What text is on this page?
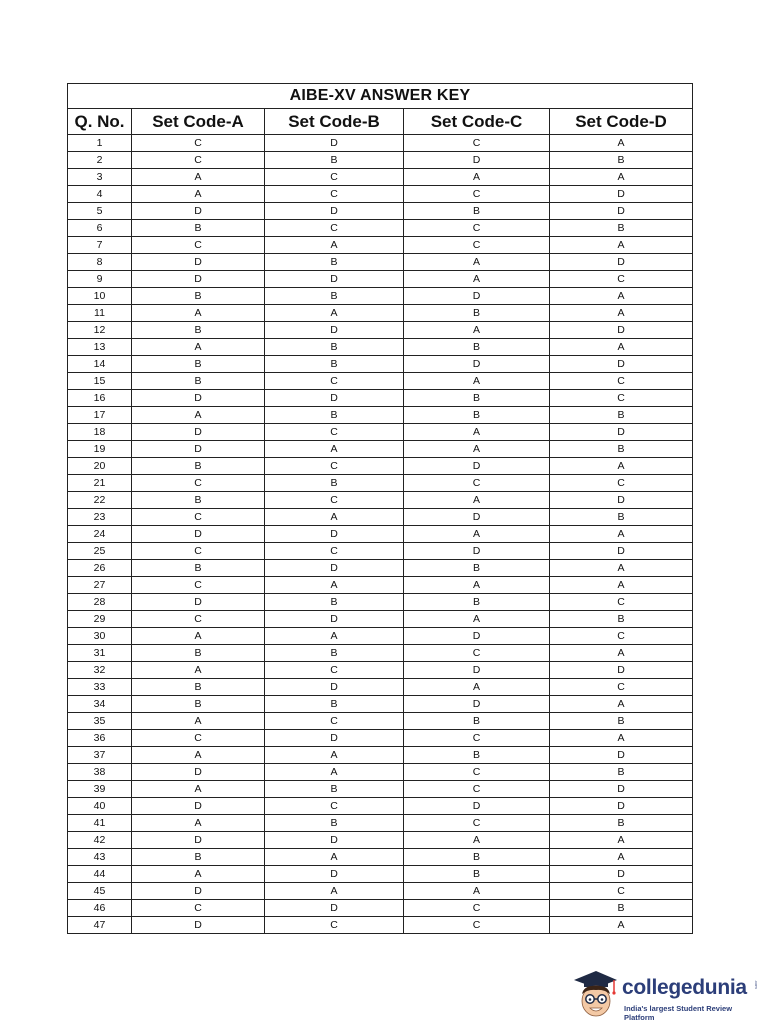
AIBE-XV ANSWER KEY				
Q. No.	Set Code-A	Set Code-B	Set Code-C	Set Code-D
1	C	D	C	A
2	C	B	D	B
3	A	C	A	A
4	A	C	C	D
5	D	D	B	D
6	B	C	C	B
7	C	A	C	A
8	D	B	A	D
9	D	D	A	C
10	B	B	D	A
11	A	A	B	A
12	B	D	A	D
13	A	B	B	A
14	B	B	D	D
15	B	C	A	C
16	D	D	B	C
17	A	B	B	B
18	D	C	A	D
19	D	A	A	B
20	B	C	D	A
21	C	B	C	C
22	B	C	A	D
23	C	A	D	B
24	D	D	A	A
25	C	C	D	D
26	B	D	B	A
27	C	A	A	A
28	D	B	B	C
29	C	D	A	B
30	A	A	D	C
31	B	B	C	A
32	A	C	D	D
33	B	D	A	C
34	B	B	D	A
35	A	C	B	B
36	C	D	C	A
37	A	A	B	D
38	D	A	C	B
39	A	B	C	D
40	D	C	D	D
41	A	B	C	B
42	D	D	A	A
43	B	A	B	A
44	A	D	B	D
45	D	A	A	C
46	C	D	C	B
47	D	C	C	A
collegedunia .com
India's largest Student Review Platform
